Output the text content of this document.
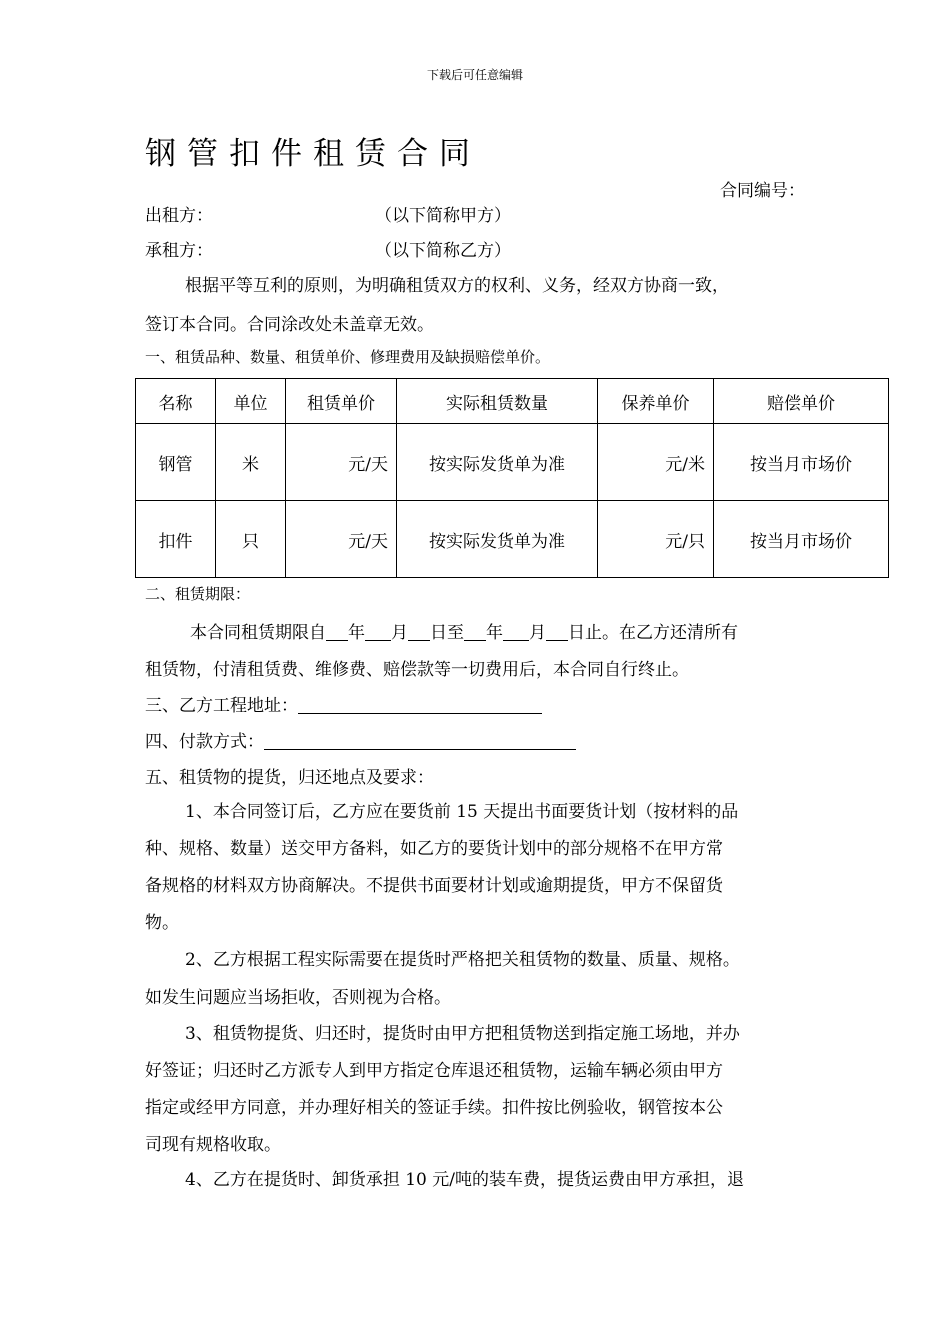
下载后可任意编辑
钢管扣件租赁合同
合同编号：
出租方：	（以下简称甲方）
承租方：	（以下简称乙方）
根据平等互利的原则，为明确租赁双方的权利、义务，经双方协商一致，
签订本合同。合同涂改处未盖章无效。
一、租赁品种、数量、租赁单价、修理费用及缺损赔偿单价。
名称	单位	租赁单价	实际租赁数量	保养单价	赔偿单价
钢管	米	元/天	按实际发货单为准	元/米	按当月市场价
扣件	只	元/天	按实际发货单为准	元/只	按当月市场价
二、租赁期限：
本合同租赁期限自 年 月 日至 年 月 日止。在乙方还清所有
租赁物，付清租赁费、维修费、赔偿款等一切费用后，本合同自行终止。
三、乙方工程地址：
四、付款方式：
五、租赁物的提货，归还地点及要求：
1、本合同签订后，乙方应在要货前 15 天提出书面要货计划（按材料的品
种、规格、数量）送交甲方备料，如乙方的要货计划中的部分规格不在甲方常
备规格的材料双方协商解决。不提供书面要材计划或逾期提货，甲方不保留货
物。
2、乙方根据工程实际需要在提货时严格把关租赁物的数量、质量、规格。
如发生问题应当场拒收，否则视为合格。
3、租赁物提货、归还时，提货时由甲方把租赁物送到指定施工场地，并办
好签证；归还时乙方派专人到甲方指定仓库退还租赁物，运输车辆必须由甲方
指定或经甲方同意，并办理好相关的签证手续。扣件按比例验收，钢管按本公
司现有规格收取。
4、乙方在提货时、卸货承担 10 元/吨的装车费，提货运费由甲方承担，退
